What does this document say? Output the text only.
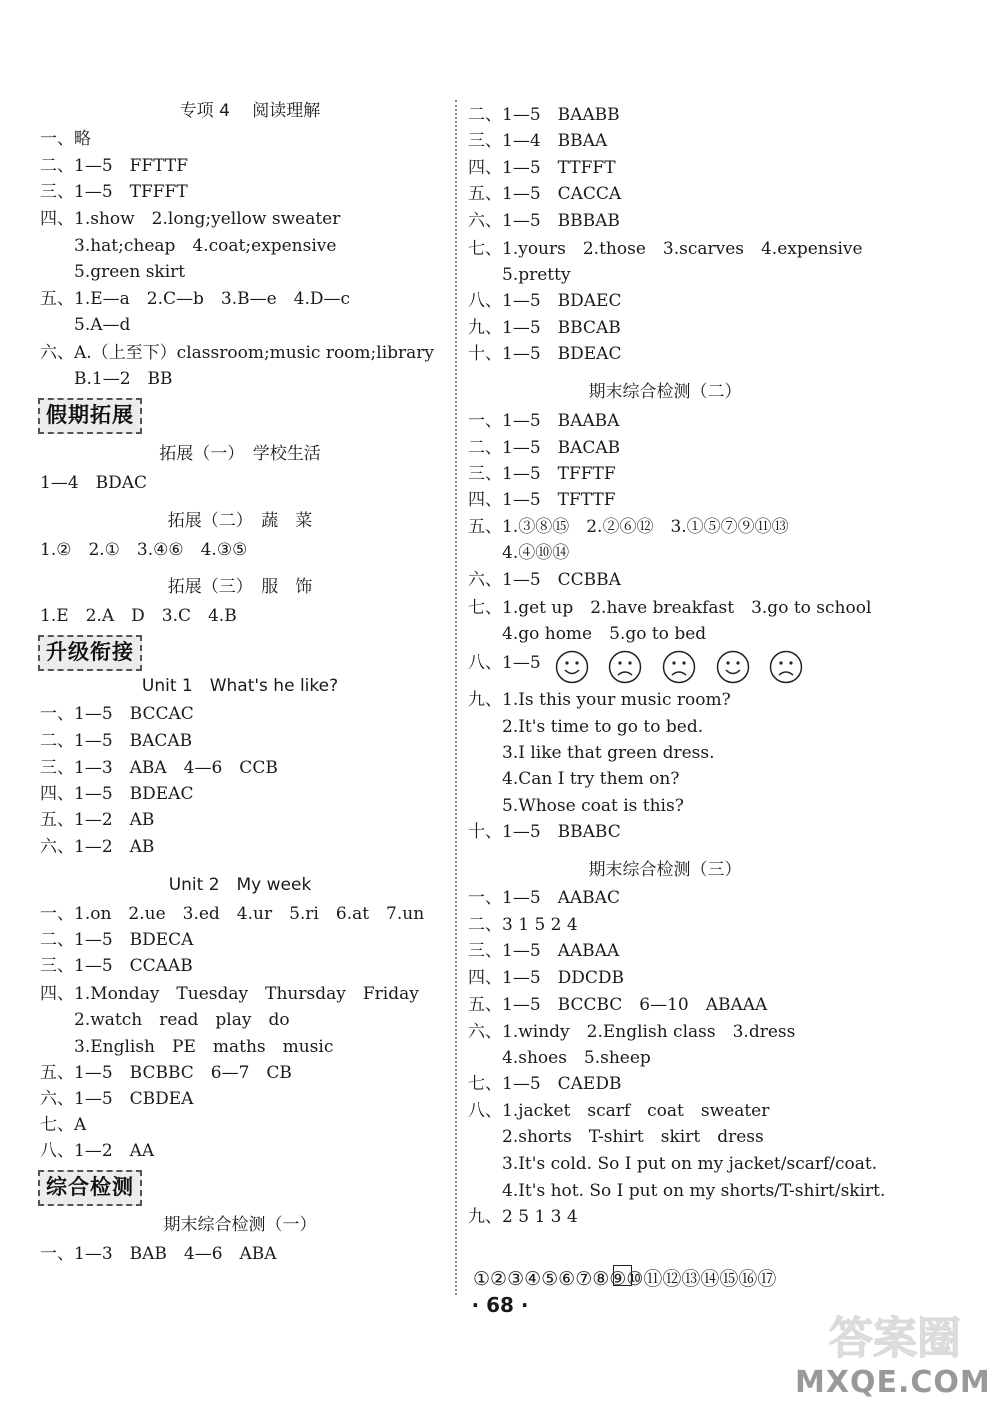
专项 4 　阅读理解
一、略
二、1—5　FFTTF
三、1—5　TFFFT
四、1.show　2.long;yellow sweater
　　3.hat;cheap　4.coat;expensive
　　5.green skirt
五、1.E—a　2.C—b　3.B—e　4.D—c
　　5.A—d
六、A.（上至下）classroom;music room;library
　　B.1—2　BB
假期拓展
拓展（一）　学校生活
1—4　BDAC
拓展（二）　蔬　菜
1.②　2.①　3.④⑥　4.③⑤
拓展（三）　服　饰
1.E　2.A　D　3.C　4.B
升级衔接
Unit 1　What's he like?
一、1—5　BCCAC
二、1—5　BACAB
三、1—3　ABA　4—6　CCB
四、1—5　BDEAC
五、1—2　AB
六、1—2　AB
Unit 2　My week
一、1.on　2.ue　3.ed　4.ur　5.ri　6.at　7.un
二、1—5　BDECA
三、1—5　CCAAB
四、1.Monday　Tuesday　Thursday　Friday
　　2.watch　read　play　do
　　3.English　PE　maths　music
五、1—5　BCBBC　6—7　CB
六、1—5　CBDEA
七、A
八、1—2　AA
综合检测
期末综合检测（一）
一、1—3　BAB　4—6　ABA
二、1—5　BAABB
三、1—4　BBAA
四、1—5　TTFFT
五、1—5　CACCA
六、1—5　BBBAB
七、1.yours　2.those　3.scarves　4.expensive
　　5.pretty
八、1—5　BDAEC
九、1—5　BBCAB
十、1—5　BDEAC
期末综合检测（二）
一、1—5　BAABA
二、1—5　BACAB
三、1—5　TFFTF
四、1—5　TFTTF
五、1.③⑧⑮　2.②⑥⑫　3.①⑤⑦⑨⑪⑬
　　4.④⑩⑭
六、1—5　CCBBA
七、1.get up　2.have breakfast　3.go to school
　　4.go home　5.go to bed
八、1—5
九、1.Is this your music room?
　　2.It's time to go to bed.
　　3.I like that green dress.
　　4.Can I try them on?
　　5.Whose coat is this?
十、1—5　BBABC
期末综合检测（三）
一、1—5　AABAC
二、3 1 5 2 4
三、1—5　AABAA
四、1—5　DDCDB
五、1—5　BCCBC　6—10　ABAAA
六、1.windy　2.English class　3.dress
　　4.shoes　5.sheep
七、1—5　CAEDB
八、1.jacket　scarf　coat　sweater
　　2.shorts　T-shirt　skirt　dress
　　3.It's cold. So I put on my jacket/scarf/coat.
　　4.It's hot. So I put on my shorts/T-shirt/skirt.
九、2 5 1 3 4
①②③④⑤⑥⑦⑧⑨⑩⑪⑫⑬⑭⑮⑯⑰
· 68 ·
答案圈
MXQE.COM
